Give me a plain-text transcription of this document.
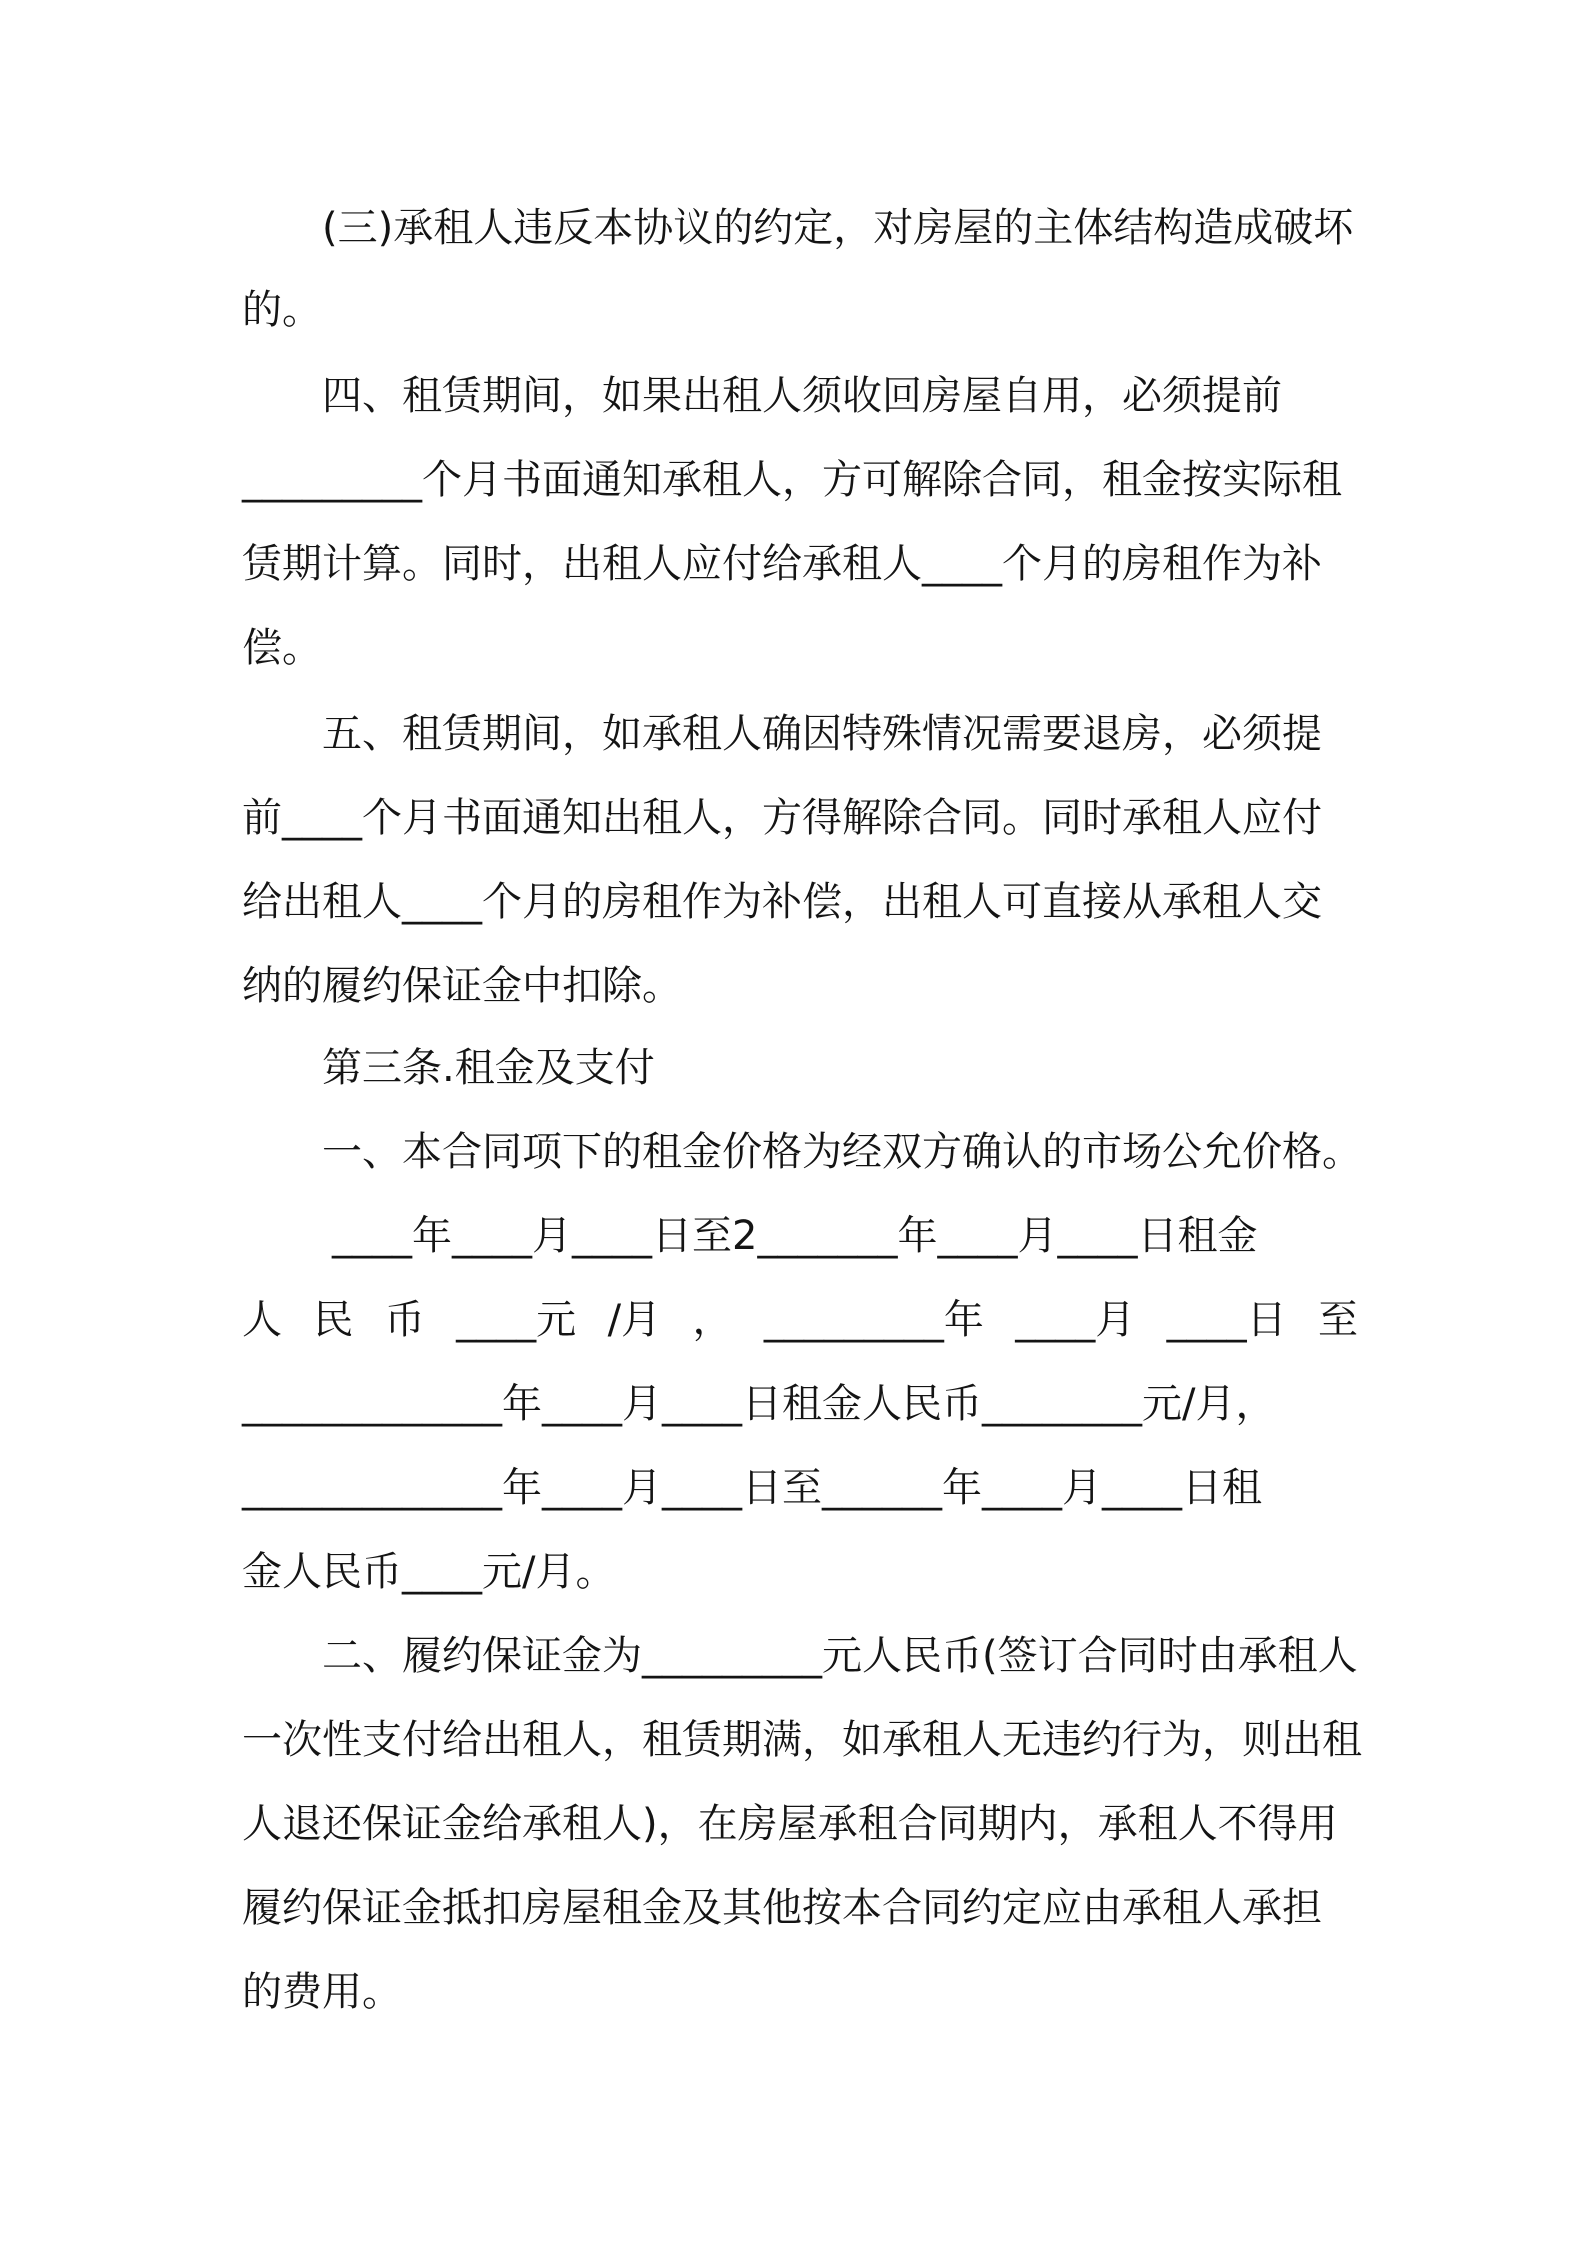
(三)承租人违反本协议的约定，对房屋的主体结构造成破坏
的。
四、租赁期间，如果出租人须收回房屋自用，必须提前
_________个月书面通知承租人，方可解除合同，租金按实际租
赁期计算。同时，出租人应付给承租人____个月的房租作为补
偿。
五、租赁期间，如承租人确因特殊情况需要退房，必须提
前____个月书面通知出租人，方得解除合同。同时承租人应付
给出租人____个月的房租作为补偿，出租人可直接从承租人交
纳的履约保证金中扣除。
第三条.租金及支付
一、本合同项下的租金价格为经双方确认的市场公允价格。
____年____月____日至2_______年____月____日租金
人 民 币 ____元 /月 ， _________年 ____月 ____日 至
_____________年____月____日租金人民币________元/月，
_____________年____月____日至______年____月____日租
金人民币____元/月。
二、履约保证金为_________元人民币(签订合同时由承租人
一次性支付给出租人，租赁期满，如承租人无违约行为，则出租
人退还保证金给承租人)，在房屋承租合同期内，承租人不得用
履约保证金抵扣房屋租金及其他按本合同约定应由承租人承担
的费用。
